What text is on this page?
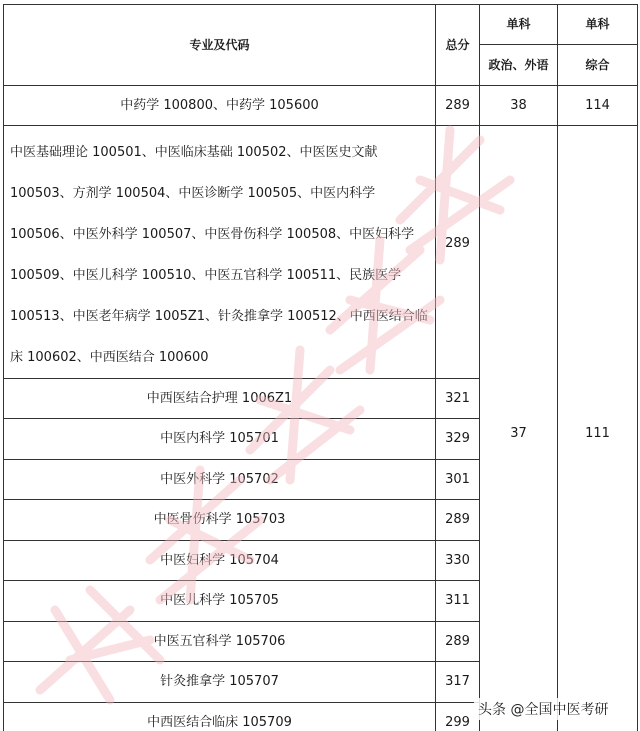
专业及代码	总分	单科	单科
		政治、外语	综合
中药学 100800、中药学 105600	289	38	114
中医基础理论 100501、中医临床基础 100502、中医医史文献 100503、方剂学 100504、中医诊断学 100505、中医内科学 100506、中医外科学 100507、中医骨伤科学 100508、中医妇科学 100509、中医儿科学 100510、中医五官科学 100511、民族医学 100513、中医老年病学 1005Z1、针灸推拿学 100512、中西医结合临床 100602、中西医结合 100600	289	37	111
中西医结合护理 1006Z1	321		
中医内科学 105701	329		
中医外科学 105702	301		
中医骨伤科学 105703	289		
中医妇科学 105704	330		
中医儿科学 105705	311		
中医五官科学 105706	289		
针灸推拿学 105707	317		
中西医结合临床 105709	299		
头条 @全国中医考研
